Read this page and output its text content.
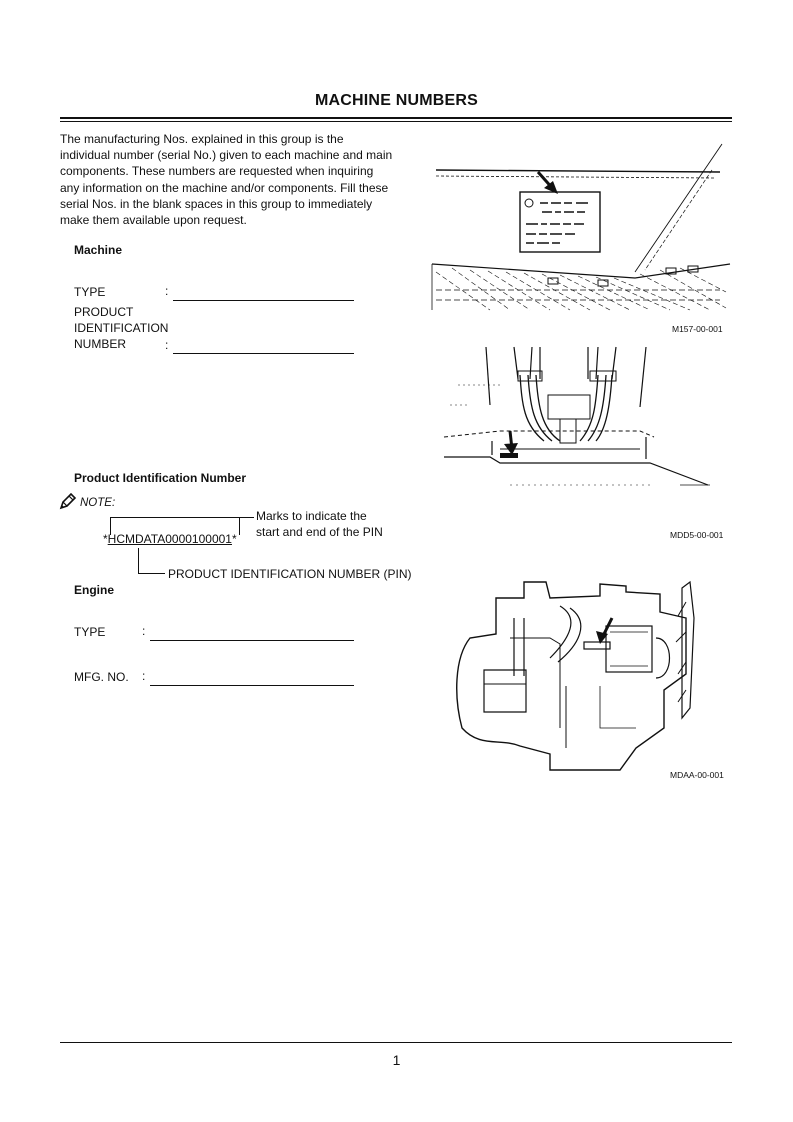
MACHINE NUMBERS
The manufacturing Nos. explained in this group is the
individual number (serial No.) given to each machine and main
components. These numbers are requested when inquiring
any information on the machine and/or components. Fill these
serial Nos. in the blank spaces in this group to immediately
make them available upon request.
Machine
TYPE	:
PRODUCT
IDENTIFICATION
NUMBER	:
Product Identification Number
NOTE:
*HCMDATA0000100001*
Marks to indicate the
start and end of the PIN
PRODUCT IDENTIFICATION NUMBER (PIN)
Engine
TYPE	:
MFG. NO. :
M157-00-001
MDD5-00-001
MDAA-00-001
1
